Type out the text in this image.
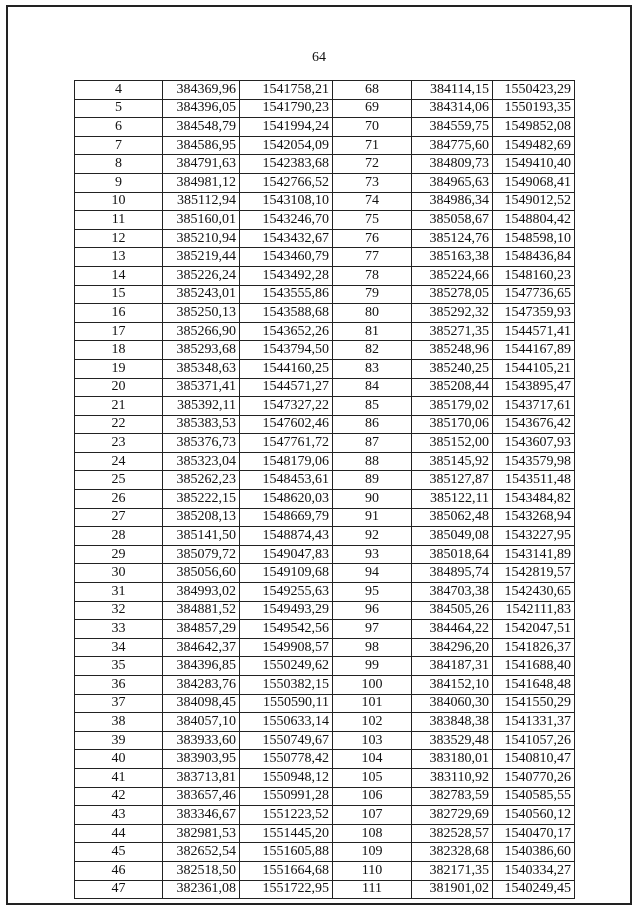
64
4	384369,96	1541758,21	68	384114,15	1550423,29
5	384396,05	1541790,23	69	384314,06	1550193,35
6	384548,79	1541994,24	70	384559,75	1549852,08
7	384586,95	1542054,09	71	384775,60	1549482,69
8	384791,63	1542383,68	72	384809,73	1549410,40
9	384981,12	1542766,52	73	384965,63	1549068,41
10	385112,94	1543108,10	74	384986,34	1549012,52
11	385160,01	1543246,70	75	385058,67	1548804,42
12	385210,94	1543432,67	76	385124,76	1548598,10
13	385219,44	1543460,79	77	385163,38	1548436,84
14	385226,24	1543492,28	78	385224,66	1548160,23
15	385243,01	1543555,86	79	385278,05	1547736,65
16	385250,13	1543588,68	80	385292,32	1547359,93
17	385266,90	1543652,26	81	385271,35	1544571,41
18	385293,68	1543794,50	82	385248,96	1544167,89
19	385348,63	1544160,25	83	385240,25	1544105,21
20	385371,41	1544571,27	84	385208,44	1543895,47
21	385392,11	1547327,22	85	385179,02	1543717,61
22	385383,53	1547602,46	86	385170,06	1543676,42
23	385376,73	1547761,72	87	385152,00	1543607,93
24	385323,04	1548179,06	88	385145,92	1543579,98
25	385262,23	1548453,61	89	385127,87	1543511,48
26	385222,15	1548620,03	90	385122,11	1543484,82
27	385208,13	1548669,79	91	385062,48	1543268,94
28	385141,50	1548874,43	92	385049,08	1543227,95
29	385079,72	1549047,83	93	385018,64	1543141,89
30	385056,60	1549109,68	94	384895,74	1542819,57
31	384993,02	1549255,63	95	384703,38	1542430,65
32	384881,52	1549493,29	96	384505,26	1542111,83
33	384857,29	1549542,56	97	384464,22	1542047,51
34	384642,37	1549908,57	98	384296,20	1541826,37
35	384396,85	1550249,62	99	384187,31	1541688,40
36	384283,76	1550382,15	100	384152,10	1541648,48
37	384098,45	1550590,11	101	384060,30	1541550,29
38	384057,10	1550633,14	102	383848,38	1541331,37
39	383933,60	1550749,67	103	383529,48	1541057,26
40	383903,95	1550778,42	104	383180,01	1540810,47
41	383713,81	1550948,12	105	383110,92	1540770,26
42	383657,46	1550991,28	106	382783,59	1540585,55
43	383346,67	1551223,52	107	382729,69	1540560,12
44	382981,53	1551445,20	108	382528,57	1540470,17
45	382652,54	1551605,88	109	382328,68	1540386,60
46	382518,50	1551664,68	110	382171,35	1540334,27
47	382361,08	1551722,95	111	381901,02	1540249,45
